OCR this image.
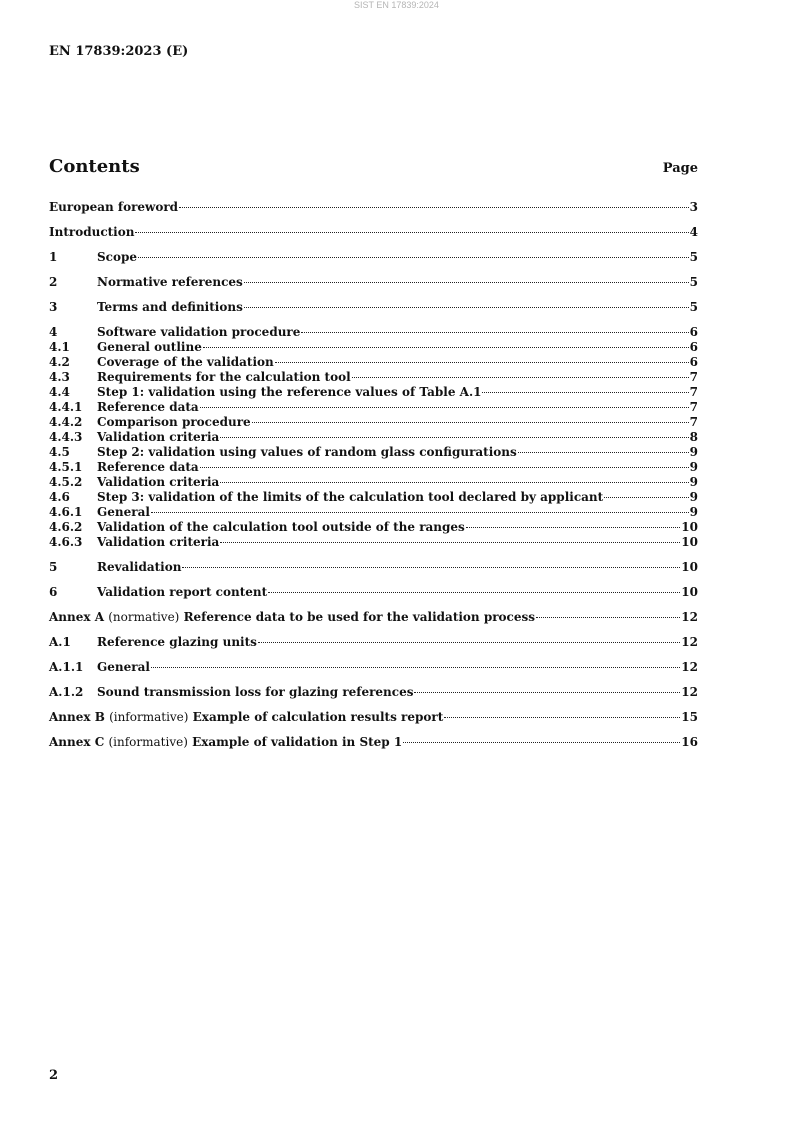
SIST EN 17839:2024
EN 17839:2023 (E)
Contents	Page
European foreword	3
Introduction	4
1	Scope	5
2	Normative references	5
3	Terms and definitions	5
4	Software validation procedure	6
4.1	General outline	6
4.2	Coverage of the validation	6
4.3	Requirements for the calculation tool	7
4.4	Step 1: validation using the reference values of Table A.1	7
4.4.1	Reference data	7
4.4.2	Comparison procedure	7
4.4.3	Validation criteria	8
4.5	Step 2: validation using values of random glass configurations	9
4.5.1	Reference data	9
4.5.2	Validation criteria	9
4.6	Step 3: validation of the limits of the calculation tool declared by applicant	9
4.6.1	General	9
4.6.2	Validation of the calculation tool outside of the ranges	10
4.6.3	Validation criteria	10
5	Revalidation	10
6	Validation report content	10
Annex A (normative) Reference data to be used for the validation process	12
A.1	Reference glazing units	12
A.1.1	General	12
A.1.2	Sound transmission loss for glazing references	12
Annex B (informative) Example of calculation results report	15
Annex C (informative) Example of validation in Step 1	16
2
